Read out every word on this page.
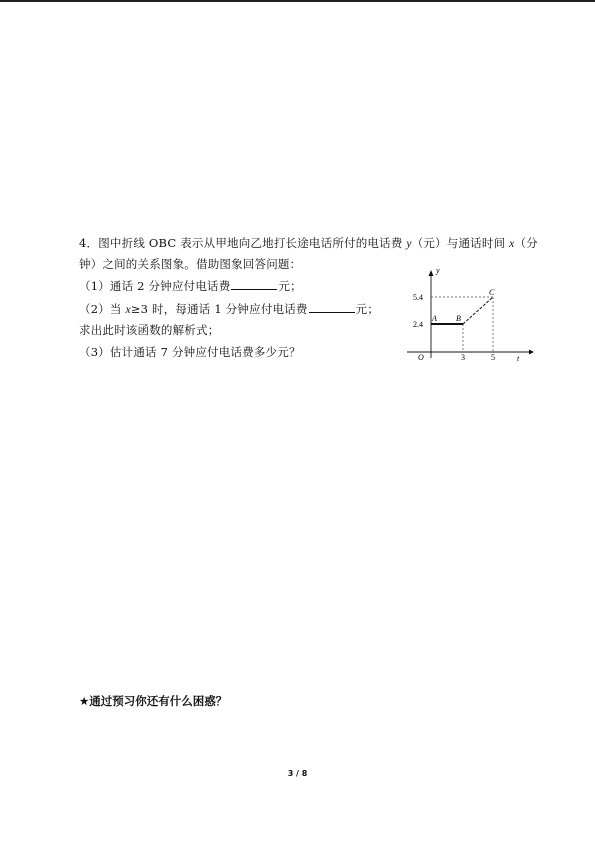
4．图中折线 OBC 表示从甲地向乙地打长途电话所付的电话费 y（元）与通话时间 x（分
钟）之间的关系图象。借助图象回答问题：
（1）通话 2 分钟应付电话费	元；
（2）当 x≥3 时，每通话 1 分钟应付电话费	元；
求出此时该函数的解析式；
（3）估计通话 7 分钟应付电话费多少元？
y
t
O
5.4
2.4
3	5
A B
C
★通过预习你还有什么困惑？
3 / 8
